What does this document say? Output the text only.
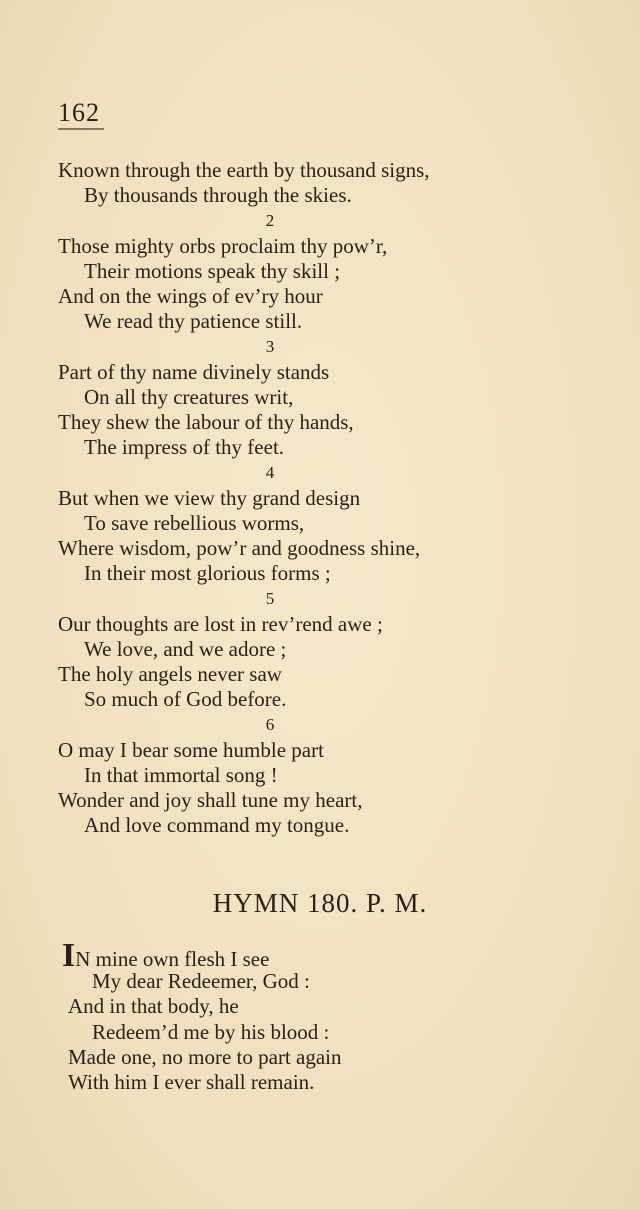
162
Known through the earth by thousand signs,
By thousands through the skies.
2
Those mighty orbs proclaim thy pow’r,
Their motions speak thy skill ;
And on the wings of ev’ry hour
We read thy patience still.
3
Part of thy name divinely stands
On all thy creatures writ,
They shew the labour of thy hands,
The impress of thy feet.
4
But when we view thy grand design
To save rebellious worms,
Where wisdom, pow’r and goodness shine,
In their most glorious forms ;
5
Our thoughts are lost in rev’rend awe ;
We love, and we adore ;
The holy angels never saw
So much of God before.
6
O may I bear some humble part
In that immortal song !
Wonder and joy shall tune my heart,
And love command my tongue.
HYMN 180. P. M.
IN mine own flesh I see
My dear Redeemer, God :
And in that body, he
Redeem’d me by his blood :
Made one, no more to part again
With him I ever shall remain.
